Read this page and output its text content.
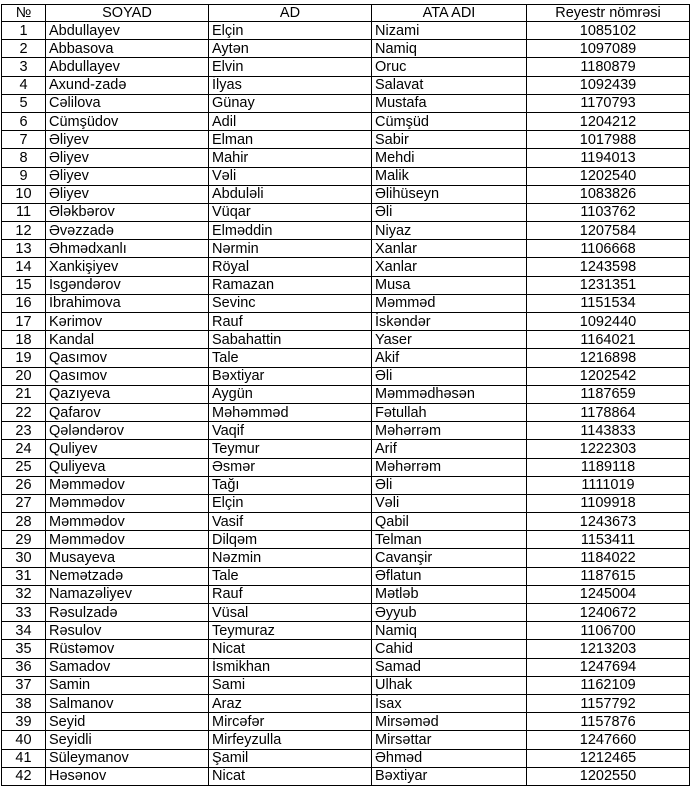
№	SOYAD	AD	ATA ADI	Reyestr nömrəsi
1	Abdullayev	Elçin	Nizami	1085102
2	Abbasova	Aytən	Namiq	1097089
3	Abdullayev	Elvin	Oruc	1180879
4	Axund-zadə	İlyas	Salavat	1092439
5	Cəlilova	Günay	Mustafa	1170793
6	Cümşüdov	Adil	Cümşüd	1204212
7	Əliyev	Elman	Sabir	1017988
8	Əliyev	Mahir	Mehdi	1194013
9	Əliyev	Vəli	Malik	1202540
10	Əliyev	Abduləli	Əlihüseyn	1083826
11	Ələkbərov	Vüqar	Əli	1103762
12	Əvəzzadə	Elməddin	Niyaz	1207584
13	Əhmədxanlı	Nərmin	Xanlar	1106668
14	Xankişiyev	Röyal	Xanlar	1243598
15	İsgəndərov	Ramazan	Musa	1231351
16	İbrahimova	Sevinc	Məmməd	1151534
17	Kərimov	Rauf	İskəndər	1092440
18	Kandal	Sabahattin	Yaser	1164021
19	Qasımov	Tale	Akif	1216898
20	Qasımov	Bəxtiyar	Əli	1202542
21	Qazıyeva	Aygün	Məmmədhəsən	1187659
22	Qafarov	Məhəmməd	Fətullah	1178864
23	Qələndərov	Vaqif	Məhərrəm	1143833
24	Quliyev	Teymur	Arif	1222303
25	Quliyeva	Əsmər	Məhərrəm	1189118
26	Məmmədov	Tağı	Əli	1111019
27	Məmmədov	Elçin	Vəli	1109918
28	Məmmədov	Vasif	Qabil	1243673
29	Məmmədov	Dilqəm	Telman	1153411
30	Musayeva	Nəzmin	Cavanşir	1184022
31	Nemətzadə	Tale	Əflatun	1187615
32	Namazəliyev	Rauf	Mətləb	1245004
33	Rəsulzadə	Vüsal	Əyyub	1240672
34	Rəsulov	Teymuraz	Namiq	1106700
35	Rüstəmov	Nicat	Cahid	1213203
36	Samadov	İsmikhan	Samad	1247694
37	Samin	Sami	Ulhak	1162109
38	Salmanov	Araz	İsax	1157792
39	Seyid	Mircəfər	Mirsəməd	1157876
40	Seyidli	Mirfeyzulla	Mirsəttar	1247660
41	Süleymanov	Şamil	Əhməd	1212465
42	Həsənov	Nicat	Bəxtiyar	1202550
